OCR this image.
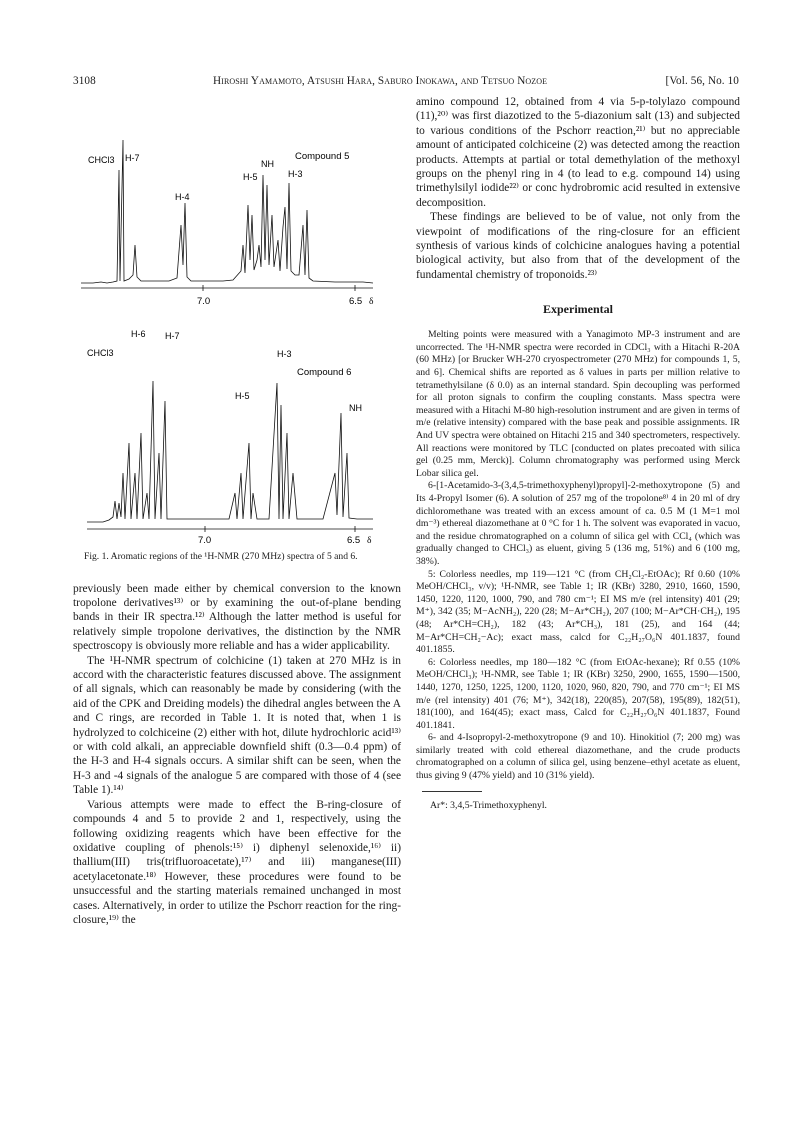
3108	Hiroshi Yamamoto, Atsushi Hara, Saburo Inokawa, and Tetsuo Nozoe	[Vol. 56, No. 10
7.0	6.5 δ
Compound 5
CHCl3 H-7
H-4
NH
H-5	H-3
7.0	6.5 δ
Compound 6
CHCl3
H-6 H-7
H-3
H-5
NH

Fig. 1. Aromatic regions of the ¹H-NMR (270 MHz) spectra of 5 and 6.

previously been made either by chemical conversion to the known tropolone derivatives¹³⁾ or by examining the out-of-plane bending bands in their IR spectra.¹²⁾ Although the latter method is useful for relatively simple tropolone derivatives, the distinction by the NMR spectroscopy is obviously more reliable and has a wider applicability.

The ¹H-NMR spectrum of colchicine (1) taken at 270 MHz is in accord with the characteristic features discussed above. The assignment of all signals, which can reasonably be made by considering (with the aid of the CPK and Dreiding models) the dihedral angles between the A and C rings, are recorded in Table 1. It is noted that, when 1 is hydrolyzed to colchiceine (2) either with hot, dilute hydrochloric acid¹³⁾ or with cold alkali, an appreciable downfield shift (0.3—0.4 ppm) of the H-3 and H-4 signals occurs. A similar shift can be seen, when the H-3 and -4 signals of the analogue 5 are compared with those of 4 (see Table 1).¹⁴⁾

Various attempts were made to effect the B-ring-closure of compounds 4 and 5 to provide 2 and 1, respectively, using the following oxidizing reagents which have been effective for the oxidative coupling of phenols:¹⁵⁾ i) diphenyl selenoxide,¹⁶⁾ ii) thallium(III) tris(trifluoroacetate),¹⁷⁾ and iii) manganese(III) acetylacetonate.¹⁸⁾ However, these procedures were found to be unsuccessful and the starting materials remained unchanged in most cases. Alternatively, in order to utilize the Pschorr reaction for the ring-closure,¹⁹⁾ the

amino compound 12, obtained from 4 via 5-p-tolylazo compound (11),²⁰⁾ was first diazotized to the 5-diazonium salt (13) and subjected to various conditions of the Pschorr reaction,²¹⁾ but no appreciable amount of anticipated colchiceine (2) was detected among the reaction products. Attempts at partial or total demethylation of the methoxyl groups on the phenyl ring in 4 (to lead to e.g. compound 14) using trimethylsilyl iodide²²⁾ or conc hydrobromic acid resulted in extensive decomposition.

These findings are believed to be of value, not only from the viewpoint of modifications of the ring-closure for an efficient synthesis of various kinds of colchicine analogues having a potential biological activity, but also from that of the development of the fundamental chemistry of troponoids.²³⁾

Experimental

Melting points were measured with a Yanagimoto MP-3 instrument and are uncorrected. The ¹H-NMR spectra were recorded in CDCl₃ with a Hitachi R-20A (60 MHz) [or Brucker WH-270 cryospectrometer (270 MHz) for compounds 1, 5, and 6]. Chemical shifts are reported as δ values in parts per million relative to tetramethylsilane (δ 0.0) as an internal standard. Spin decoupling was performed for all proton signals to confirm the coupling constants. Mass spectra were measured with a Hitachi M-80 high-resolution instrument and are given in terms of m/e (relative intensity) compared with the base peak and possible assignments. IR And UV spectra were obtained on Hitachi 215 and 340 spectrometers, respectively. All reactions were monitored by TLC [conducted on plates precoated with silica gel (0.25 mm, Merck)]. Column chromatography was performed using Merck Lobar silica gel.

6-[1-Acetamido-3-(3,4,5-trimethoxyphenyl)propyl]-2-methoxytropone (5) and Its 4-Propyl Isomer (6). A solution of 257 mg of the tropolone⁸⁾ 4 in 20 ml of dry dichloromethane was treated with an excess amount of ca. 0.5 M (1 M=1 mol dm⁻³) ethereal diazomethane at 0 °C for 1 h. The solvent was evaporated in vacuo, and the residue chromatographed on a column of silica gel with CCl₄ (which was gradually changed to CHCl₃) as eluent, giving 5 (136 mg, 51%) and 6 (100 mg, 38%).

5: Colorless needles, mp 119—121 °C (from CH₂Cl₂-EtOAc); Rf 0.60 (10% MeOH/CHCl₃, v/v); ¹H-NMR, see Table 1; IR (KBr) 3280, 2910, 1660, 1590, 1450, 1220, 1120, 1000, 790, and 780 cm⁻¹; EI MS m/e (rel intensity) 401 (29; M⁺), 342 (35; M−AcNH₂), 220 (28; M−Ar*CH₂), 207 (100; M−Ar*CH·CH₂), 195 (48; Ar*CH=CH₂), 182 (43; Ar*CH₃), 181 (25), and 164 (44; M−Ar*CH=CH₂−Ac); exact mass, calcd for C₂₂H₂₇O₆N 401.1837, found 401.1855.

6: Colorless needles, mp 180—182 °C (from EtOAc-hexane); Rf 0.55 (10% MeOH/CHCl₃); ¹H-NMR, see Table 1; IR (KBr) 3250, 2900, 1655, 1590—1500, 1440, 1270, 1250, 1225, 1200, 1120, 1020, 960, 820, 790, and 770 cm⁻¹; EI MS m/e (rel intensity) 401 (76; M⁺), 342(18), 220(85), 207(58), 195(89), 182(51), 181(100), and 164(45); exact mass, Calcd for C₂₂H₂₇O₆N 401.1837, Found 401.1841.

6- and 4-Isopropyl-2-methoxytropone (9 and 10). Hinokitiol (7; 200 mg) was similarly treated with cold ethereal diazomethane, and the crude products chromatographed on a column of silica gel, using benzene–ethyl acetate as eluent, thus giving 9 (47% yield) and 10 (31% yield).

Ar*: 3,4,5-Trimethoxyphenyl.
